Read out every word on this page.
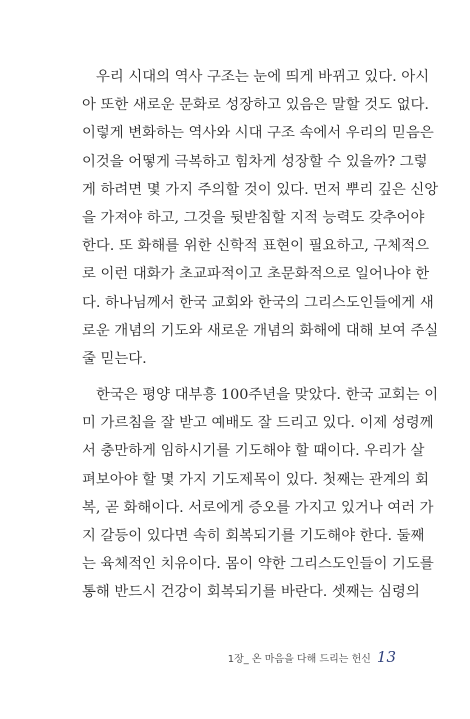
우리 시대의 역사 구조는 눈에 띄게 바뀌고 있다. 아시
아 또한 새로운 문화로 성장하고 있음은 말할 것도 없다.
이렇게 변화하는 역사와 시대 구조 속에서 우리의 믿음은
이것을 어떻게 극복하고 힘차게 성장할 수 있을까? 그렇
게 하려면 몇 가지 주의할 것이 있다. 먼저 뿌리 깊은 신앙
을 가져야 하고, 그것을 뒷받침할 지적 능력도 갖추어야
한다. 또 화해를 위한 신학적 표현이 필요하고, 구체적으
로 이런 대화가 초교파적이고 초문화적으로 일어나야 한
다. 하나님께서 한국 교회와 한국의 그리스도인들에게 새
로운 개념의 기도와 새로운 개념의 화해에 대해 보여 주실
줄 믿는다.
한국은 평양 대부흥 100주년을 맞았다. 한국 교회는 이
미 가르침을 잘 받고 예배도 잘 드리고 있다. 이제 성령께
서 충만하게 임하시기를 기도해야 할 때이다. 우리가 살
펴보아야 할 몇 가지 기도제목이 있다. 첫째는 관계의 회
복, 곧 화해이다. 서로에게 증오를 가지고 있거나 여러 가
지 갈등이 있다면 속히 회복되기를 기도해야 한다. 둘째
는 육체적인 치유이다. 몸이 약한 그리스도인들이 기도를
통해 반드시 건강이 회복되기를 바란다. 셋째는 심령의
1장_ 온 마음을 다해 드리는 헌신 13
